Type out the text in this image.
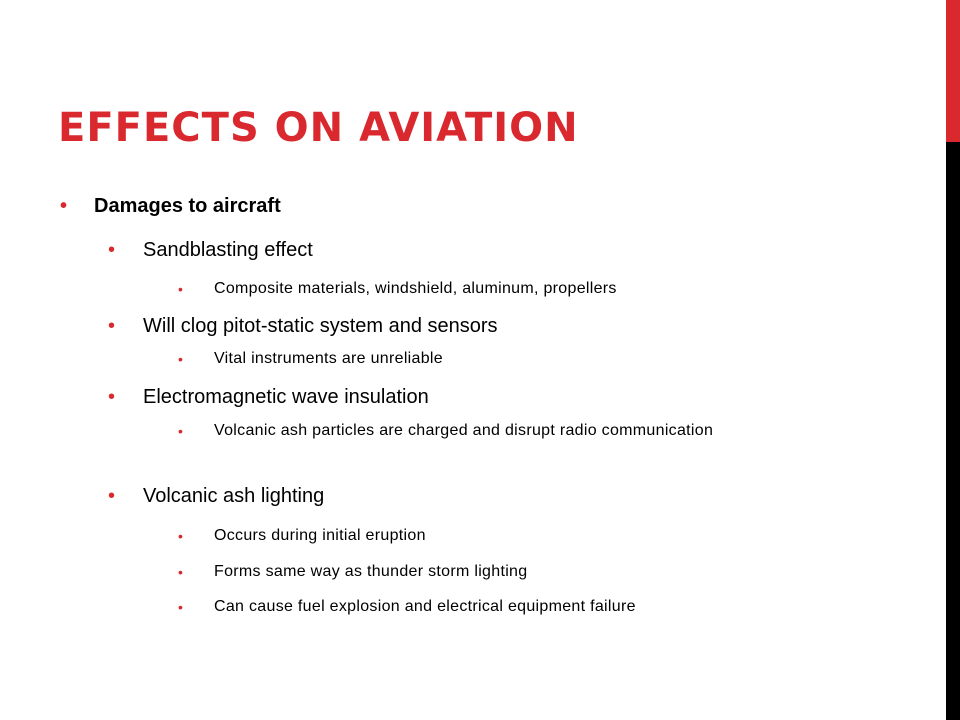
EFFECTS ON AVIATION
• Damages to aircraft
• Sandblasting effect
• Composite materials, windshield, aluminum, propellers
• Will clog pitot-static system and sensors
• Vital instruments are unreliable
• Electromagnetic wave insulation
• Volcanic ash particles are charged and disrupt radio communication
• Volcanic ash lighting
• Occurs during initial eruption
• Forms same way as thunder storm lighting
• Can cause fuel explosion and electrical equipment failure
